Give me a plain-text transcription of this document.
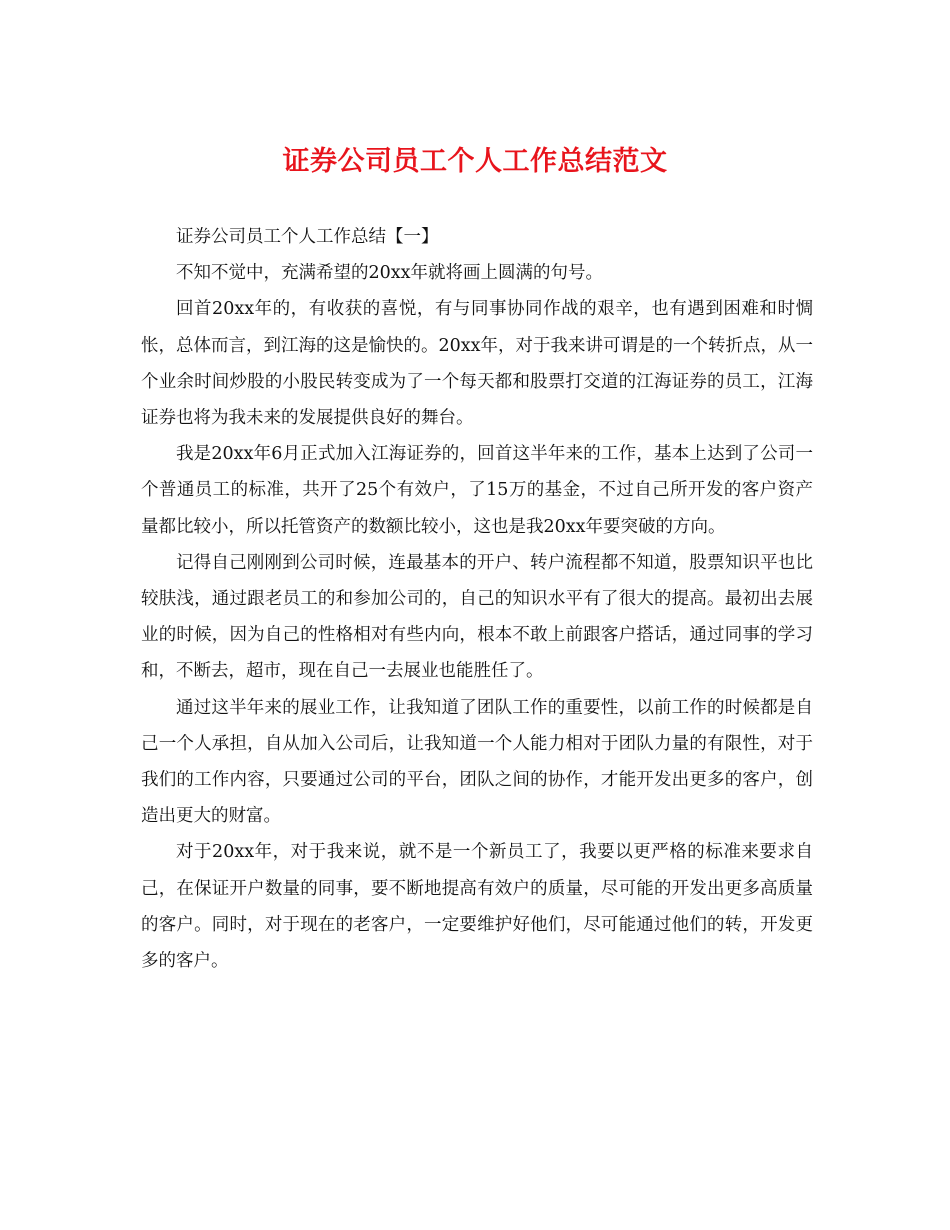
证券公司员工个人工作总结范文

证券公司员工个人工作总结【一】

不知不觉中，充满希望的20xx年就将画上圆满的句号。

回首20xx年的，有收获的喜悦，有与同事协同作战的艰辛，也有遇到困难和时惆怅，总体而言，到江海的这是愉快的。20xx年，对于我来讲可谓是的一个转折点，从一个业余时间炒股的小股民转变成为了一个每天都和股票打交道的江海证券的员工，江海证券也将为我未来的发展提供良好的舞台。

我是20xx年6月正式加入江海证券的，回首这半年来的工作，基本上达到了公司一个普通员工的标准，共开了25个有效户，了15万的基金，不过自己所开发的客户资产量都比较小，所以托管资产的数额比较小，这也是我20xx年要突破的方向。

记得自己刚刚到公司时候，连最基本的开户、转户流程都不知道，股票知识平也比较肤浅，通过跟老员工的和参加公司的，自己的知识水平有了很大的提高。最初出去展业的时候，因为自己的性格相对有些内向，根本不敢上前跟客户搭话，通过同事的学习和，不断去，超市，现在自己一去展业也能胜任了。

通过这半年来的展业工作，让我知道了团队工作的重要性，以前工作的时候都是自己一个人承担，自从加入公司后，让我知道一个人能力相对于团队力量的有限性，对于我们的工作内容，只要通过公司的平台，团队之间的协作，才能开发出更多的客户，创造出更大的财富。

对于20xx年，对于我来说，就不是一个新员工了，我要以更严格的标准来要求自己，在保证开户数量的同事，要不断地提高有效户的质量，尽可能的开发出更多高质量的客户。同时，对于现在的老客户，一定要维护好他们，尽可能通过他们的转，开发更多的客户。
